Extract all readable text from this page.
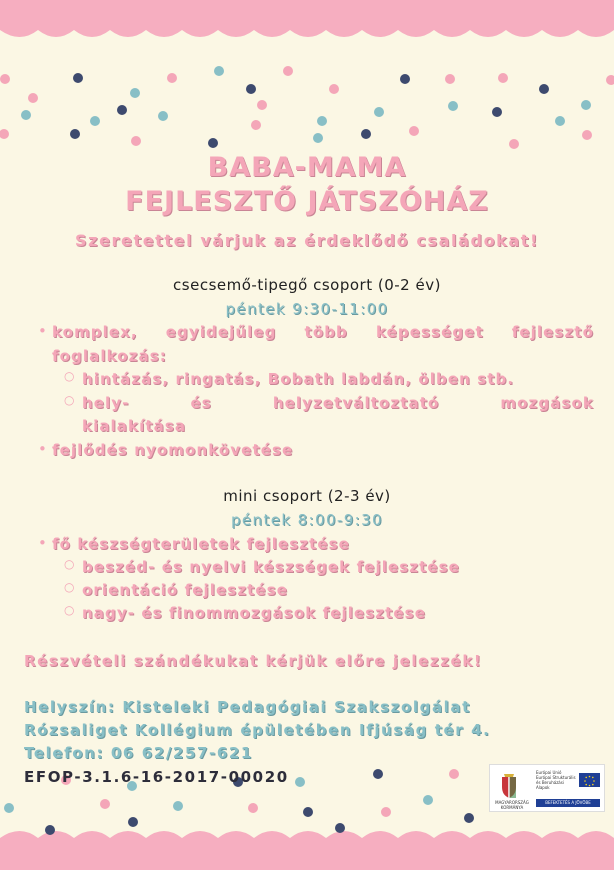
BABA-MAMA
FEJLESZTŐ JÁTSZÓHÁZ
Szeretettel várjuk az érdeklődő családokat!
csecsemő-tipegő csoport (0-2 év)
péntek 9:30-11:00
• komplex, egyidejűleg több képességet fejlesztő
foglalkozás:
○ hintázás, ringatás, Bobath labdán, ölben stb.
○ hely-	és	helyzetváltoztató	mozgások
kialakítása
• fejlődés nyomonkövetése
mini csoport (2-3 év)
péntek 8:00-9:30
• fő készségterületek fejlesztése
○ beszéd- és nyelvi készségek fejlesztése
○ orientáció fejlesztése
○ nagy- és finommozgások fejlesztése
Részvételi szándékukat kérjük előre jelezzék!
Helyszín: Kisteleki Pedagógiai Szakszolgálat
Rózsaliget Kollégium épületében Ifjúság tér 4.
Telefon: 06 62/257-621
EFOP-3.1.6-16-2017-00020
MAGYARORSZÁG KORMÁNYA
Európai Unió Európai Strukturális és Beruházási Alapok
BEFEKTETÉS A JÖVŐBE
